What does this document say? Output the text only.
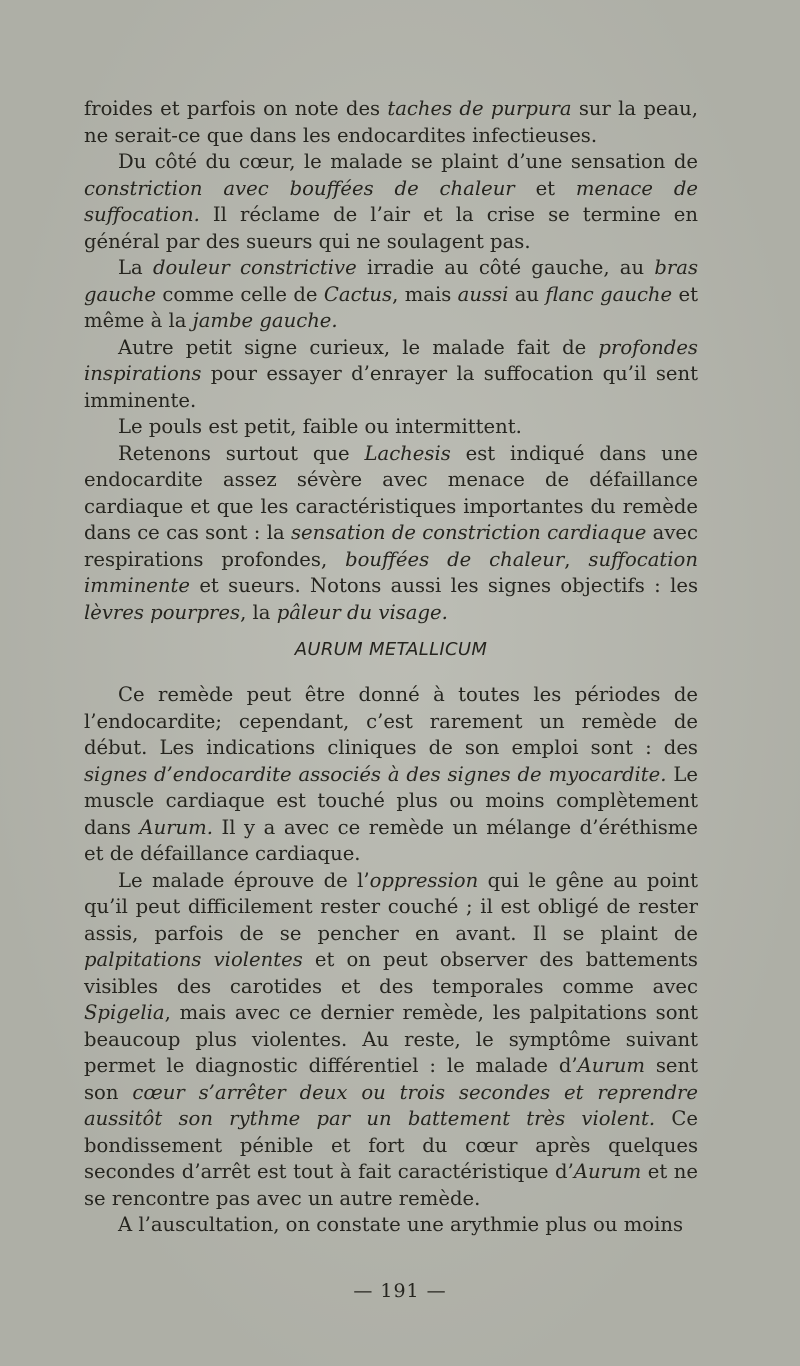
froides et parfois on note des taches de purpura sur la peau, ne serait-ce que dans les endocardites infectieuses.

Du côté du cœur, le malade se plaint d’une sensation de constriction avec bouffées de chaleur et menace de suffocation. Il réclame de l’air et la crise se termine en général par des sueurs qui ne soulagent pas.

La douleur constrictive irradie au côté gauche, au bras gauche comme celle de Cactus, mais aussi au flanc gauche et même à la jambe gauche.

Autre petit signe curieux, le malade fait de profondes inspirations pour essayer d’enrayer la suffocation qu’il sent imminente.

Le pouls est petit, faible ou intermittent.

Retenons surtout que Lachesis est indiqué dans une endocardite assez sévère avec menace de défaillance cardiaque et que les caractéristiques importantes du remède dans ce cas sont : la sensation de constriction cardiaque avec respirations profondes, bouffées de chaleur, suffocation imminente et sueurs. Notons aussi les signes objectifs : les lèvres pourpres, la pâleur du visage.

AURUM METALLICUM

Ce remède peut être donné à toutes les périodes de l’endocardite; cependant, c’est rarement un remède de début. Les indications cliniques de son emploi sont : des signes d’endocardite associés à des signes de myocardite. Le muscle cardiaque est touché plus ou moins complètement dans Aurum. Il y a avec ce remède un mélange d’éréthisme et de défaillance cardiaque.

Le malade éprouve de l’oppression qui le gêne au point qu’il peut difficilement rester couché ; il est obligé de rester assis, parfois de se pencher en avant. Il se plaint de palpitations violentes et on peut observer des battements visibles des carotides et des temporales comme avec Spigelia, mais avec ce dernier remède, les palpitations sont beaucoup plus violentes. Au reste, le symptôme suivant permet le diagnostic différentiel : le malade d’Aurum sent son cœur s’arrêter deux ou trois secondes et reprendre aussitôt son rythme par un battement très violent. Ce bondissement pénible et fort du cœur après quelques secondes d’arrêt est tout à fait caractéristique d’Aurum et ne se rencontre pas avec un autre remède.

A l’auscultation, on constate une arythmie plus ou moins

— 191 —
